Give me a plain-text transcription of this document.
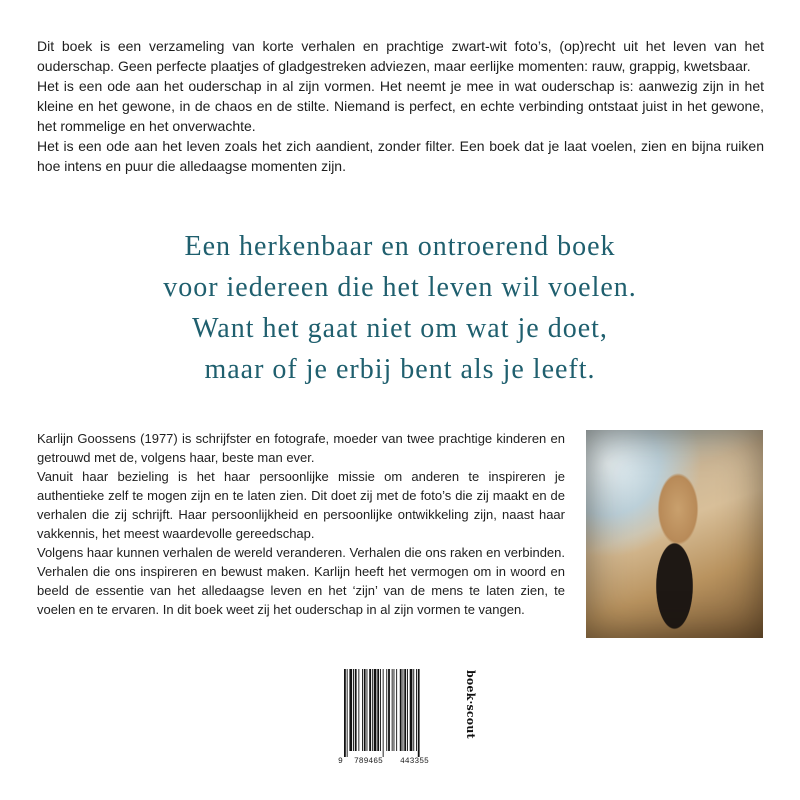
Dit boek is een verzameling van korte verhalen en prachtige zwart-wit foto’s, (op)recht uit het leven van het ouderschap. Geen perfecte plaatjes of gladgestreken adviezen, maar eerlijke momenten: rauw, grappig, kwetsbaar.

Het is een ode aan het ouderschap in al zijn vormen. Het neemt je mee in wat ouderschap is: aanwezig zijn in het kleine en het gewone, in de chaos en de stilte. Niemand is perfect, en echte verbinding ontstaat juist in het gewone, het rommelige en het onverwachte.

Het is een ode aan het leven zoals het zich aandient, zonder filter. Een boek dat je laat voelen, zien en bijna ruiken hoe intens en puur die alledaagse momenten zijn.

Een herkenbaar en ontroerend boek
voor iedereen die het leven wil voelen.
Want het gaat niet om wat je doet,
maar of je erbij bent als je leeft.

Karlijn Goossens (1977) is schrijfster en fotografe, moeder van twee prachtige kinderen en getrouwd met de, volgens haar, beste man ever.

Vanuit haar bezieling is het haar persoonlijke missie om anderen te inspireren je authentieke zelf te mogen zijn en te laten zien. Dit doet zij met de foto’s die zij maakt en de verhalen die zij schrijft. Haar persoonlijkheid en persoonlijke ontwikkeling zijn, naast haar vakkennis, het meest waardevolle gereedschap.

Volgens haar kunnen verhalen de wereld veranderen. Verhalen die ons raken en verbinden. Verhalen die ons inspireren en bewust maken. Karlijn heeft het vermogen om in woord en beeld de essentie van het alledaagse leven en het ‘zijn’ van de mens te laten zien, te voelen en te ervaren. In dit boek weet zij het ouderschap in al zijn vormen te vangen.

9 789465 443355
boek·scout
